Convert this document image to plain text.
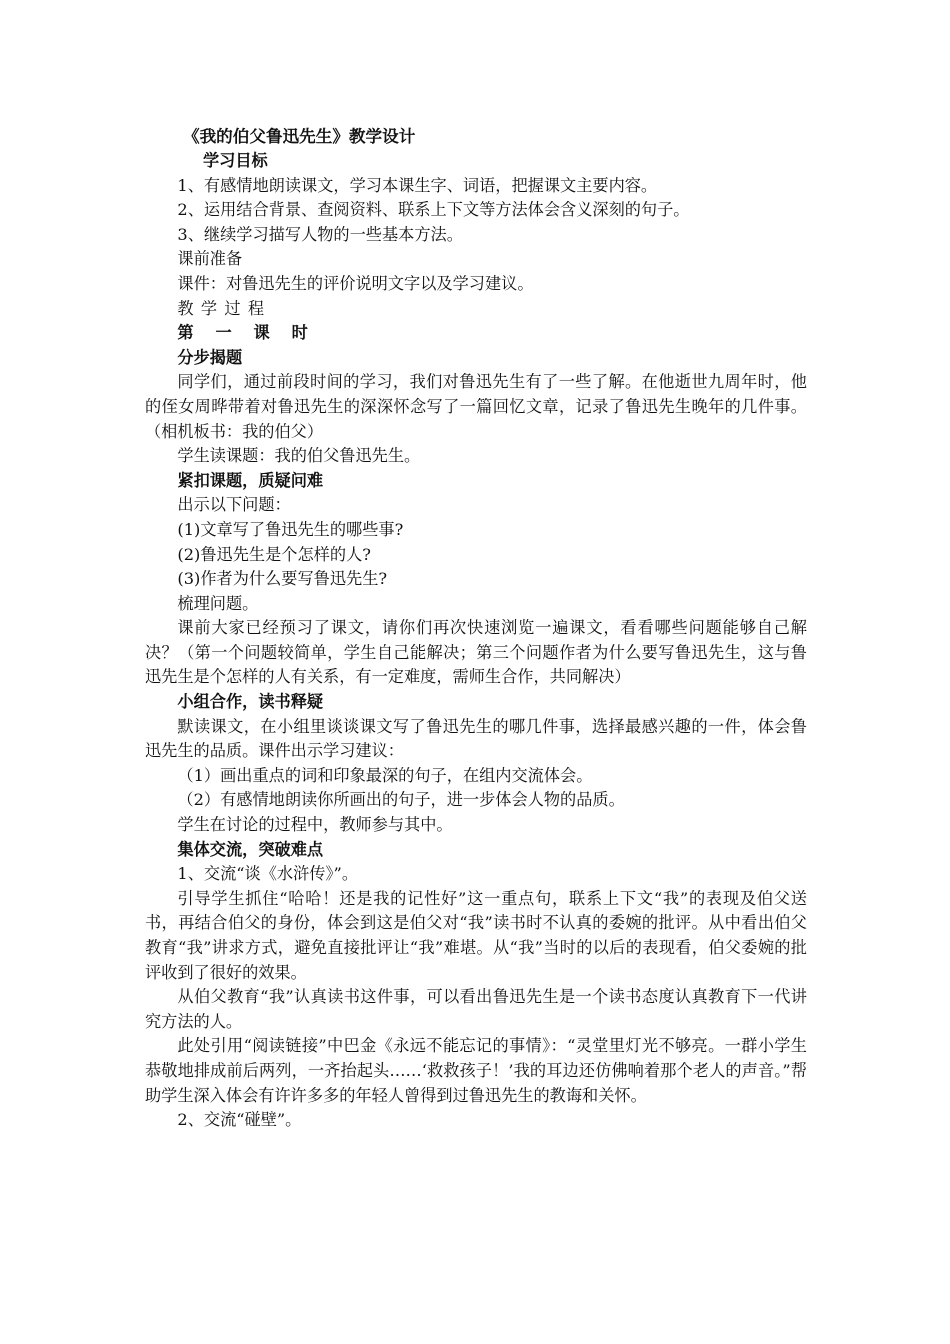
《我的伯父鲁迅先生》教学设计

学习目标

1、有感情地朗读课文，学习本课生字、词语，把握课文主要内容。

2、运用结合背景、查阅资料、联系上下文等方法体会含义深刻的句子。

3、继续学习描写人物的一些基本方法。

课前准备

课件：对鲁迅先生的评价说明文字以及学习建议。

教学过程

第一课时

分步揭题

同学们，通过前段时间的学习，我们对鲁迅先生有了一些了解。在他逝世九周年时，他的侄女周晔带着对鲁迅先生的深深怀念写了一篇回忆文章，记录了鲁迅先生晚年的几件事。（相机板书：我的伯父）

学生读课题：我的伯父鲁迅先生。

紧扣课题，质疑问难

出示以下问题：

(1)文章写了鲁迅先生的哪些事?

(2)鲁迅先生是个怎样的人?

(3)作者为什么要写鲁迅先生?

梳理问题。

课前大家已经预习了课文，请你们再次快速浏览一遍课文，看看哪些问题能够自己解决？（第一个问题较简单，学生自己能解决；第三个问题作者为什么要写鲁迅先生，这与鲁迅先生是个怎样的人有关系，有一定难度，需师生合作，共同解决）

小组合作，读书释疑

默读课文，在小组里谈谈课文写了鲁迅先生的哪几件事，选择最感兴趣的一件，体会鲁迅先生的品质。课件出示学习建议：

（1）画出重点的词和印象最深的句子，在组内交流体会。

（2）有感情地朗读你所画出的句子，进一步体会人物的品质。

学生在讨论的过程中，教师参与其中。

集体交流，突破难点

1、交流“谈《水浒传》”。

引导学生抓住“哈哈！还是我的记性好”这一重点句，联系上下文“我”的表现及伯父送书，再结合伯父的身份，体会到这是伯父对“我”读书时不认真的委婉的批评。从中看出伯父教育“我”讲求方式，避免直接批评让“我”难堪。从“我”当时的以后的表现看，伯父委婉的批评收到了很好的效果。

从伯父教育“我”认真读书这件事，可以看出鲁迅先生是一个读书态度认真教育下一代讲究方法的人。

此处引用“阅读链接”中巴金《永远不能忘记的事情》：“灵堂里灯光不够亮。一群小学生恭敬地排成前后两列，一齐抬起头……‘救救孩子！’我的耳边还仿佛响着那个老人的声音。”帮助学生深入体会有许许多多的年轻人曾得到过鲁迅先生的教诲和关怀。

2、交流“碰壁”。
